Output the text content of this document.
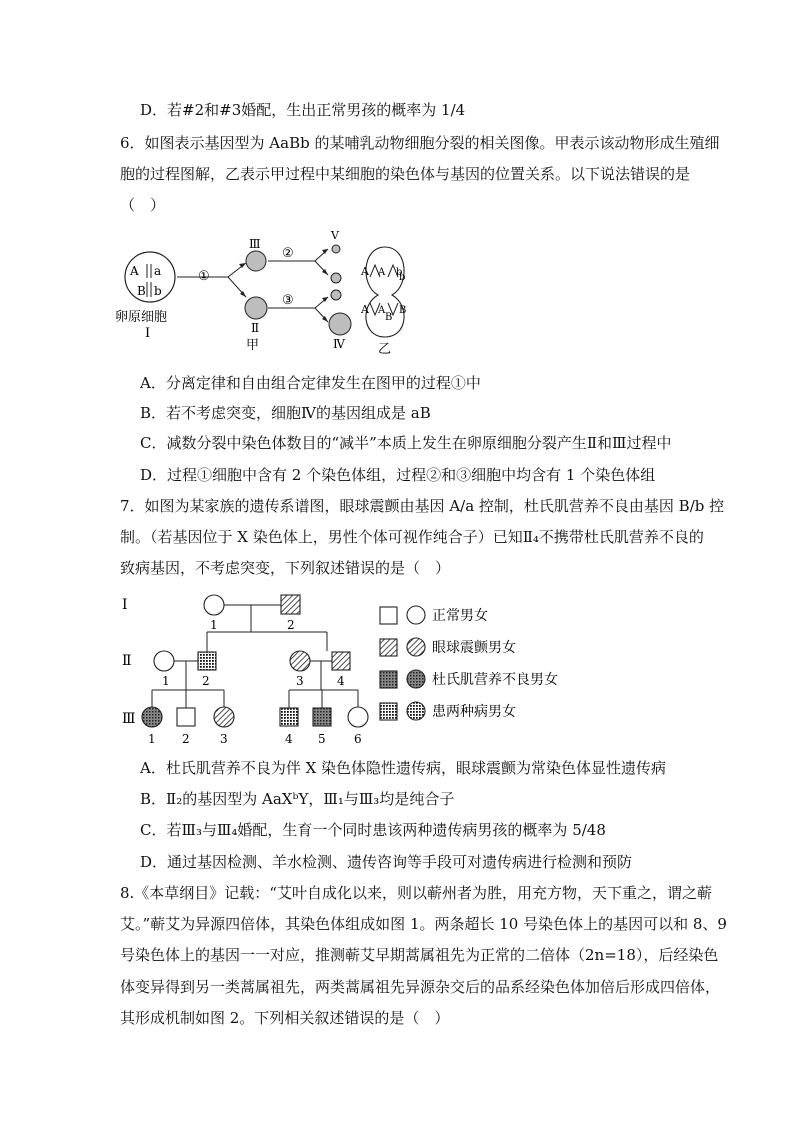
D．若#2和#3婚配，生出正常男孩的概率为 1/4
6．如图表示基因型为 AaBb 的某哺乳动物细胞分裂的相关图像。甲表示该动物形成生殖细
胞的过程图解，乙表示甲过程中某细胞的染色体与基因的位置关系。以下说法错误的是
（　）
A a
B b
卵原细胞
Ⅰ
①
Ⅲ
Ⅱ
甲
②
③
Ⅴ
Ⅳ
A A b
b
A A
B
B
乙
A．分离定律和自由组合定律发生在图甲的过程①中
B．若不考虑突变，细胞Ⅳ的基因组成是 aB
C．减数分裂中染色体数目的“减半”本质上发生在卵原细胞分裂产生Ⅱ和Ⅲ过程中
D．过程①细胞中含有 2 个染色体组，过程②和③细胞中均含有 1 个染色体组
7．如图为某家族的遗传系谱图，眼球震颤由基因 A/a 控制，杜氏肌营养不良由基因 B/b 控
制。（若基因位于 X 染色体上，男性个体可视作纯合子）已知Ⅱ₄不携带杜氏肌营养不良的
致病基因，不考虑突变，下列叙述错误的是（　）
Ⅰ
Ⅱ
Ⅲ
1	2
1	2	3	4
1 2	3	4 5 6
正常男女
眼球震颤男女
杜氏肌营养不良男女
患两种病男女
A．杜氏肌营养不良为伴 X 染色体隐性遗传病，眼球震颤为常染色体显性遗传病
B．Ⅱ₂的基因型为 AaXᵇY，Ⅲ₁与Ⅲ₃均是纯合子
C．若Ⅲ₃与Ⅲ₄婚配，生育一个同时患该两种遗传病男孩的概率为 5/48
D．通过基因检测、羊水检测、遗传咨询等手段可对遗传病进行检测和预防
8.《本草纲目》记载：“艾叶自成化以来，则以蕲州者为胜，用充方物，天下重之，谓之蕲
艾。”蕲艾为异源四倍体，其染色体组成如图 1。两条超长 10 号染色体上的基因可以和 8、9
号染色体上的基因一一对应，推测蕲艾早期蒿属祖先为正常的二倍体（2n=18），后经染色
体变异得到另一类蒿属祖先，两类蒿属祖先异源杂交后的品系经染色体加倍后形成四倍体，
其形成机制如图 2。下列相关叙述错误的是（　）
